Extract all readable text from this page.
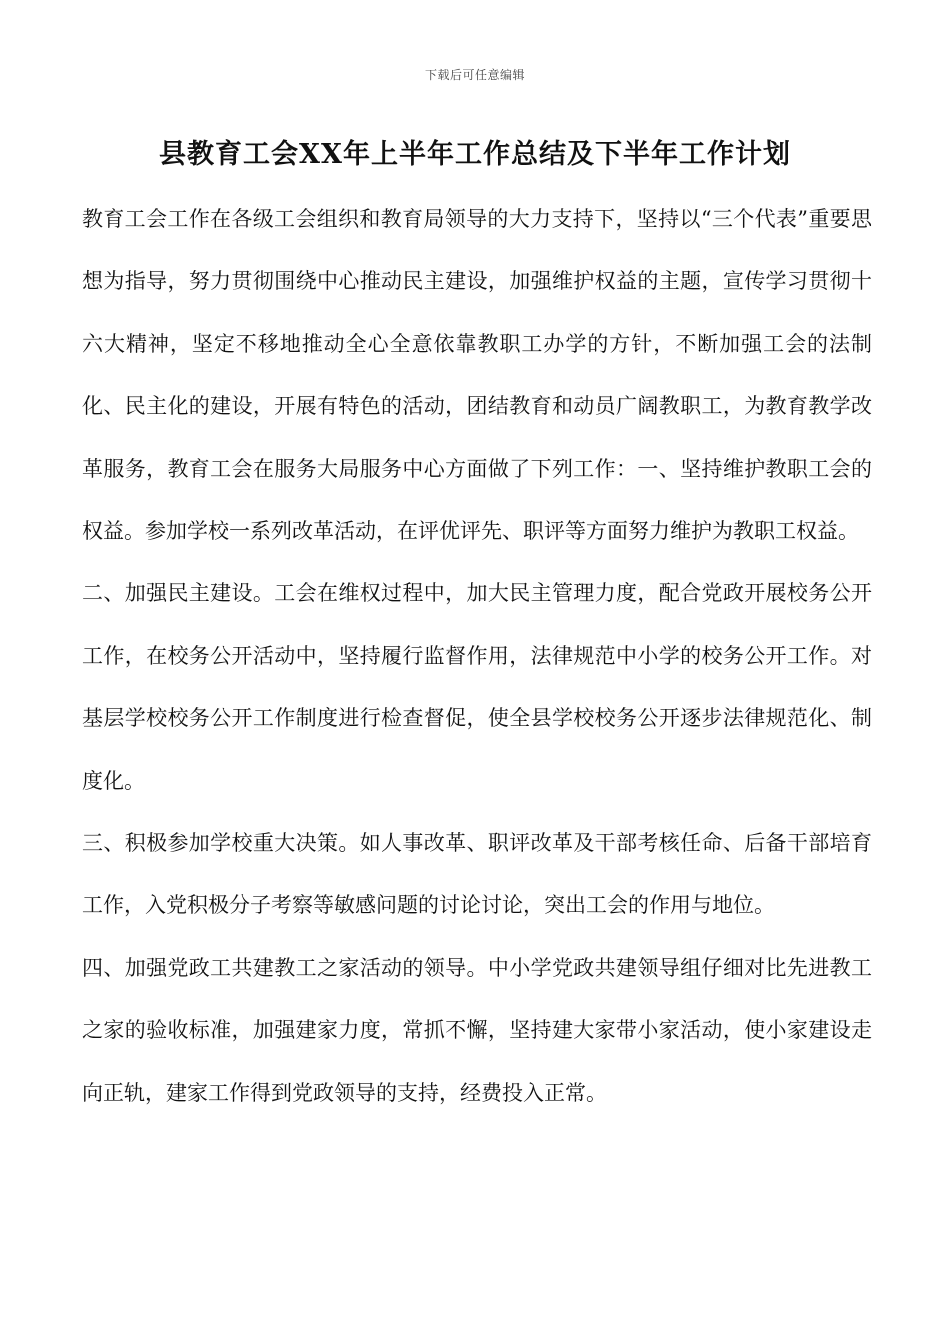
下载后可任意编辑
县教育工会XX年上半年工作总结及下半年工作计划

教育工会工作在各级工会组织和教育局领导的大力支持下，坚持以“三个代表”重要思想为指导，努力贯彻围绕中心推动民主建设，加强维护权益的主题，宣传学习贯彻十六大精神，坚定不移地推动全心全意依靠教职工办学的方针，不断加强工会的法制化、民主化的建设，开展有特色的活动，团结教育和动员广阔教职工，为教育教学改革服务，教育工会在服务大局服务中心方面做了下列工作：一、坚持维护教职工会的权益。参加学校一系列改革活动，在评优评先、职评等方面努力维护为教职工权益。

二、加强民主建设。工会在维权过程中，加大民主管理力度，配合党政开展校务公开工作，在校务公开活动中，坚持履行监督作用，法律规范中小学的校务公开工作。对基层学校校务公开工作制度进行检查督促，使全县学校校务公开逐步法律规范化、制度化。

三、积极参加学校重大决策。如人事改革、职评改革及干部考核任命、后备干部培育工作，入党积极分子考察等敏感问题的讨论讨论，突出工会的作用与地位。

四、加强党政工共建教工之家活动的领导。中小学党政共建领导组仔细对比先进教工之家的验收标准，加强建家力度，常抓不懈，坚持建大家带小家活动，使小家建设走向正轨，建家工作得到党政领导的支持，经费投入正常。
